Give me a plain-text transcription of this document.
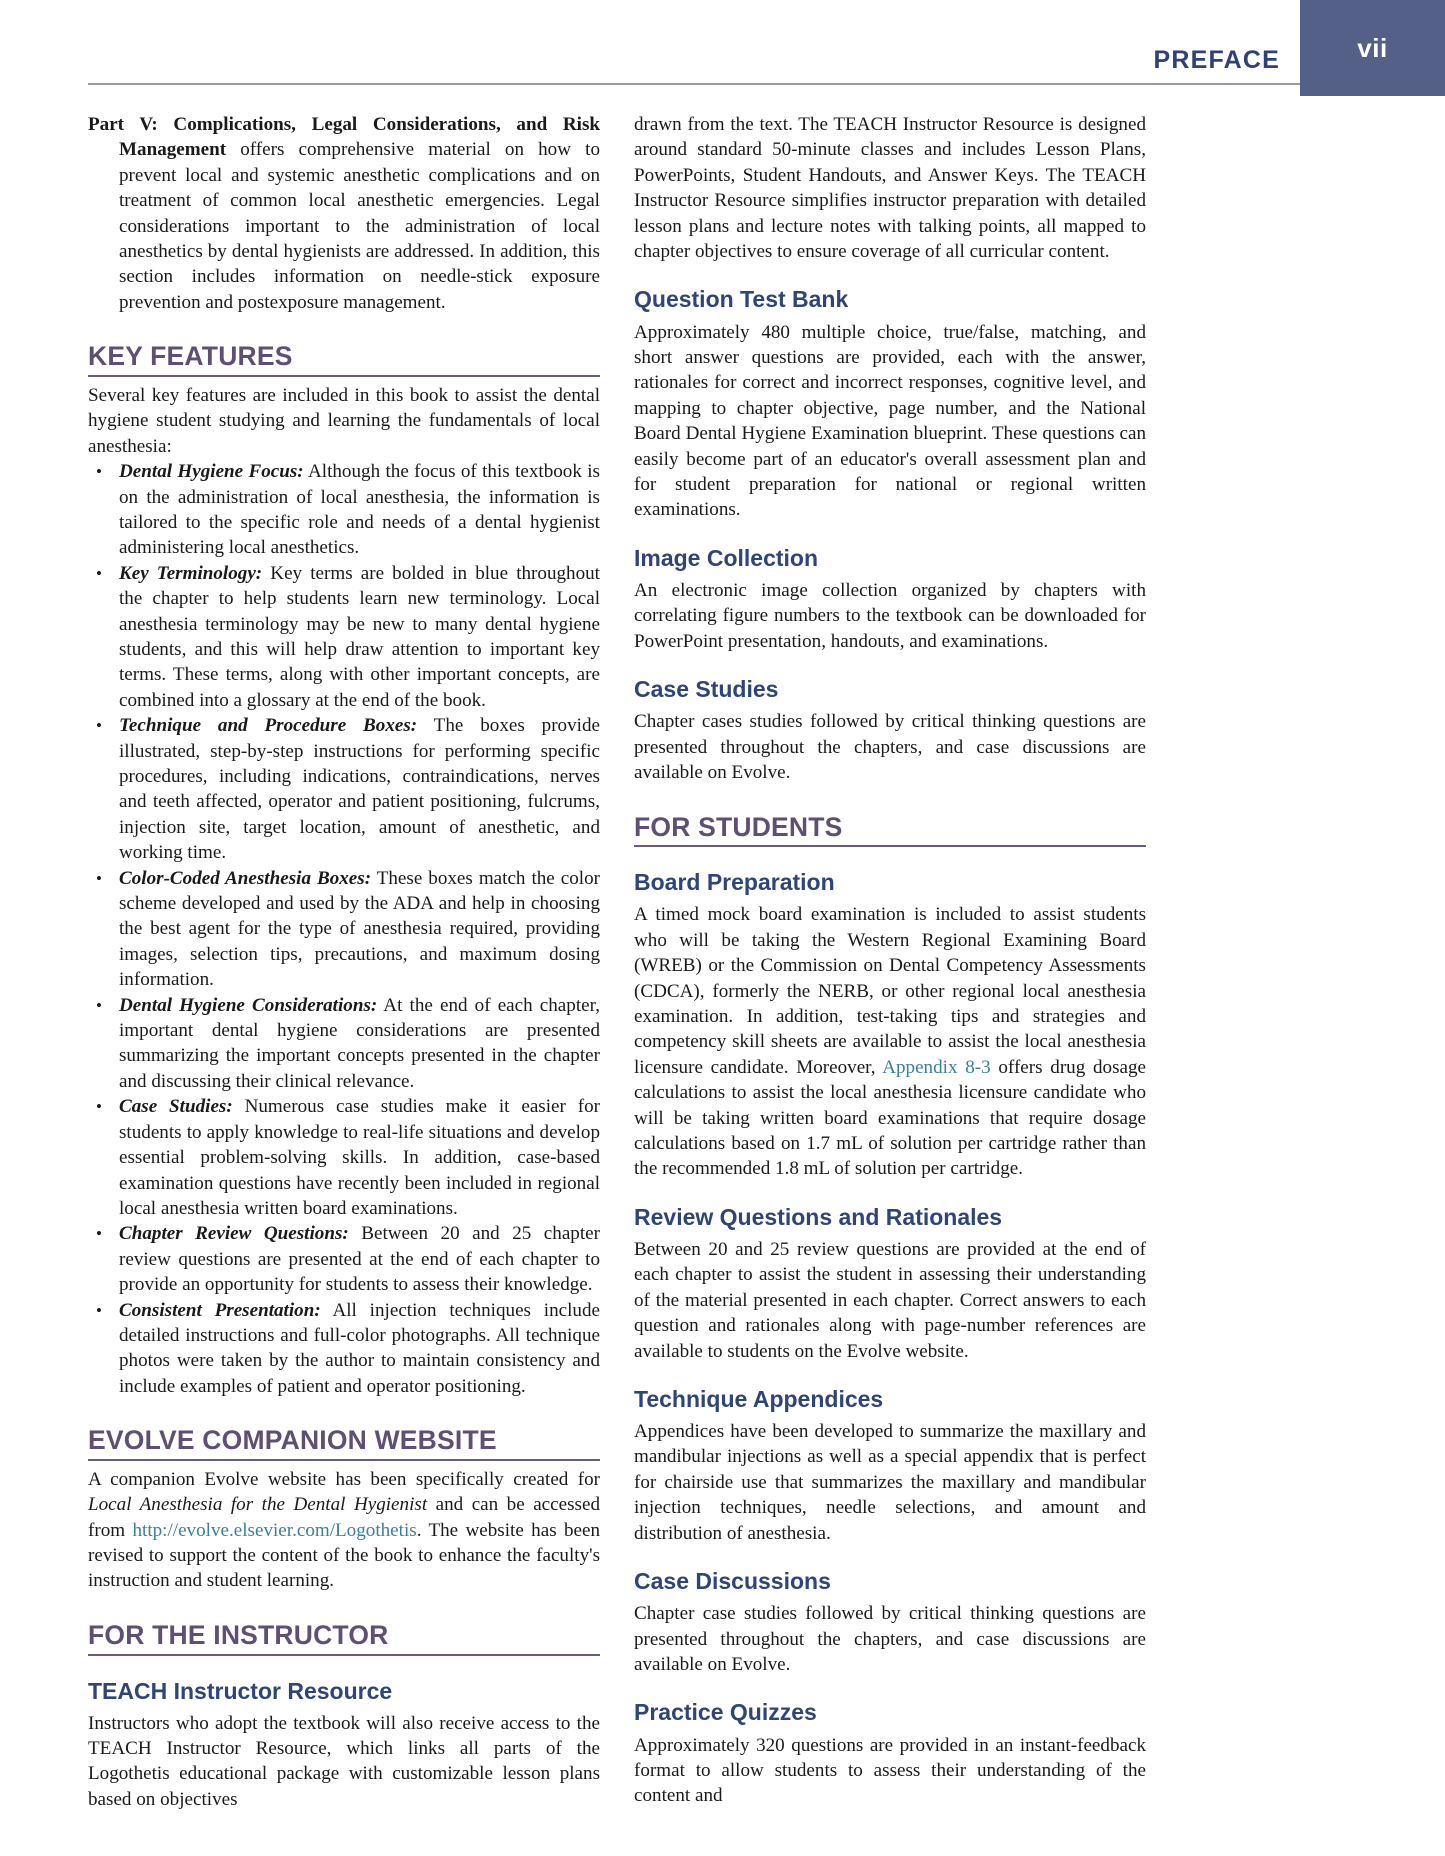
PREFACE	vii

Part V: Complications, Legal Considerations, and Risk Management offers comprehensive material on how to prevent local and systemic anesthetic complications and on treatment of common local anesthetic emergencies. Legal considerations important to the administration of local anesthetics by dental hygienists are addressed. In addition, this section includes information on needle-stick exposure prevention and postexposure management.

KEY FEATURES

Several key features are included in this book to assist the dental hygiene student studying and learning the fundamentals of local anesthesia:

• Dental Hygiene Focus: Although the focus of this textbook is on the administration of local anesthesia, the information is tailored to the specific role and needs of a dental hygienist administering local anesthetics.
• Key Terminology: Key terms are bolded in blue throughout the chapter to help students learn new terminology. Local anesthesia terminology may be new to many dental hygiene students, and this will help draw attention to important key terms. These terms, along with other important concepts, are combined into a glossary at the end of the book.
• Technique and Procedure Boxes: The boxes provide illustrated, step-by-step instructions for performing specific procedures, including indications, contraindications, nerves and teeth affected, operator and patient positioning, fulcrums, injection site, target location, amount of anesthetic, and working time.
• Color-Coded Anesthesia Boxes: These boxes match the color scheme developed and used by the ADA and help in choosing the best agent for the type of anesthesia required, providing images, selection tips, precautions, and maximum dosing information.
• Dental Hygiene Considerations: At the end of each chapter, important dental hygiene considerations are presented summarizing the important concepts presented in the chapter and discussing their clinical relevance.
• Case Studies: Numerous case studies make it easier for students to apply knowledge to real-life situations and develop essential problem-solving skills. In addition, case-based examination questions have recently been included in regional local anesthesia written board examinations.
• Chapter Review Questions: Between 20 and 25 chapter review questions are presented at the end of each chapter to provide an opportunity for students to assess their knowledge.
• Consistent Presentation: All injection techniques include detailed instructions and full-color photographs. All technique photos were taken by the author to maintain consistency and include examples of patient and operator positioning.
EVOLVE COMPANION WEBSITE

A companion Evolve website has been specifically created for Local Anesthesia for the Dental Hygienist and can be accessed from http://evolve.elsevier.com/Logothetis. The website has been revised to support the content of the book to enhance the faculty's instruction and student learning.

FOR THE INSTRUCTOR
TEACH Instructor Resource

Instructors who adopt the textbook will also receive access to the TEACH Instructor Resource, which links all parts of the Logothetis educational package with customizable lesson plans based on objectives

drawn from the text. The TEACH Instructor Resource is designed around standard 50-minute classes and includes Lesson Plans, PowerPoints, Student Handouts, and Answer Keys. The TEACH Instructor Resource simplifies instructor preparation with detailed lesson plans and lecture notes with talking points, all mapped to chapter objectives to ensure coverage of all curricular content.

Question Test Bank

Approximately 480 multiple choice, true/false, matching, and short answer questions are provided, each with the answer, rationales for correct and incorrect responses, cognitive level, and mapping to chapter objective, page number, and the National Board Dental Hygiene Examination blueprint. These questions can easily become part of an educator's overall assessment plan and for student preparation for national or regional written examinations.

Image Collection

An electronic image collection organized by chapters with correlating figure numbers to the textbook can be downloaded for PowerPoint presentation, handouts, and examinations.

Case Studies

Chapter cases studies followed by critical thinking questions are presented throughout the chapters, and case discussions are available on Evolve.

FOR STUDENTS
Board Preparation

A timed mock board examination is included to assist students who will be taking the Western Regional Examining Board (WREB) or the Commission on Dental Competency Assessments (CDCA), formerly the NERB, or other regional local anesthesia examination. In addition, test-taking tips and strategies and competency skill sheets are available to assist the local anesthesia licensure candidate. Moreover, Appendix 8-3 offers drug dosage calculations to assist the local anesthesia licensure candidate who will be taking written board examinations that require dosage calculations based on 1.7 mL of solution per cartridge rather than the recommended 1.8 mL of solution per cartridge.

Review Questions and Rationales

Between 20 and 25 review questions are provided at the end of each chapter to assist the student in assessing their understanding of the material presented in each chapter. Correct answers to each question and rationales along with page-number references are available to students on the Evolve website.

Technique Appendices

Appendices have been developed to summarize the maxillary and mandibular injections as well as a special appendix that is perfect for chairside use that summarizes the maxillary and mandibular injection techniques, needle selections, and amount and distribution of anesthesia.

Case Discussions

Chapter case studies followed by critical thinking questions are presented throughout the chapters, and case discussions are available on Evolve.

Practice Quizzes

Approximately 320 questions are provided in an instant-feedback format to allow students to assess their understanding of the content and
